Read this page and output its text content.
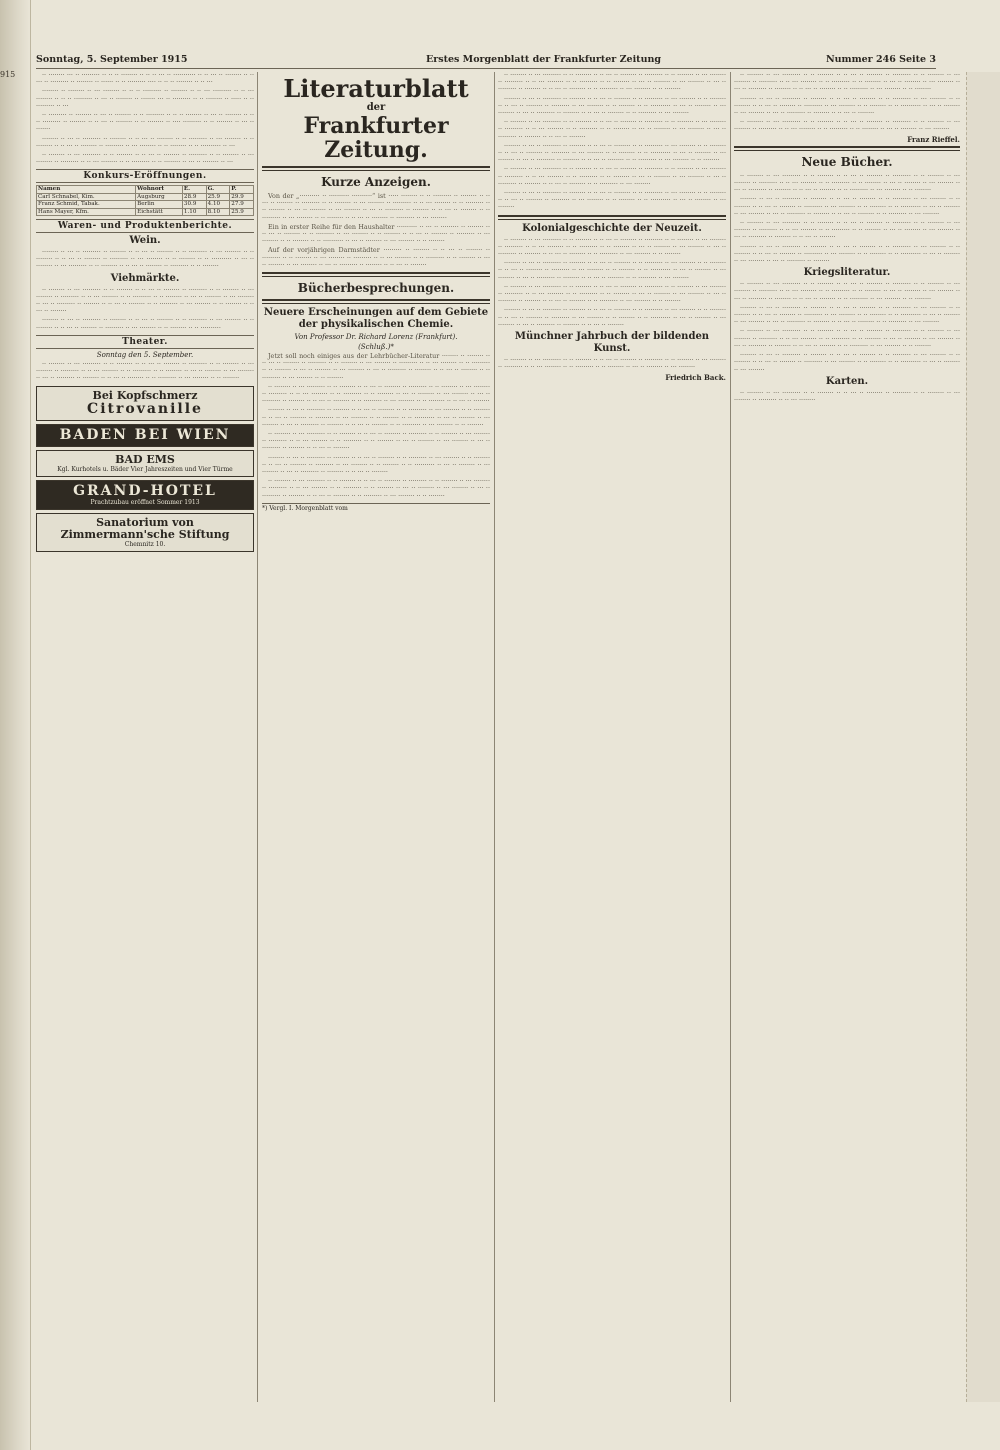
915
Sonntag, 5. September 1915	Erstes Morgenblatt der Frankfurter Zeitung	Nummer 246 Seite 3

·· ········ ··· ·· ········· ·· ·· ·· ········ ·· ·· ·· ··· ·· ··········· ·· ·· ··· ·· ········ ·· ·· ··· ·· ········· ·· ········ ·· ······ ·· ·· ········· ···· ·· ·· ·· ········ ·· ·· ···

········ ·· ········ ·· ··· ········ ·· ·· ·· ········· ·· ········ ·· ·· ··· ········· ·· ·· ··· ········ ·· ·· ·· ········· ·· ··· ·· ········ ·· ······· ··· ·· ········· ·· ·· ········ ·· ····· ·· ·· ········· ·· ···

·· ········· ·· ········ ·· ··· ·· ········ ·· ·· ········· ·· ·· ·· ········ ·· ··· ·· ········ ·· ·· ·· ········· ·· ········ ·· ·· ··· ·· ········ ·· ·· ········ ·· ···· ········· ·· ·· ········ ·· ··· ·· ·······

········ ·· ··· ·· ········· ·· ········ ·· ·· ··· ·· ········ ·· ·· ········· ·· ··· ········ ·· ·· ········ ·· ·· ··· ·· ········ ·· ········· ·· ··· ········ ·· ·· ········ ·· ·· ·········· ·· ···

·· ········ ·· ··· ········· ·· ·· ········ ·· ·· ··· ·· ········ ·· ········· ·· ·· ········ ·· ··· ········ ·· ········· ·· ·· ··· ········ ·· ·· ········· ·· ·· ········ ·· ··· ·· ········ ·· ···

Konkurs-Eröffnungen.
Namen	Wohnort	E.	G.	P.
Carl Schnabel, Kim.	Augsburg	28.9	25.9	29.9
Franz Schmid, Tabak.	Berlin	30.9	4.10	27.9
Hans Mayer, Kfm.	Eichstätt	1.10	8.10	25.9
Waren- und Produktenberichte.
Wein.

········ ·· ··· ·· ········· ·· ········ ·· ·· ··· ·· ········ ·· ·· ········· ·· ··· ········ ·· ·· ········ ·· ·· ··· ·· ········ ·· ········· ·· ··· ········ ·· ·· ········ ·· ·· ·········· ·· ··· ·· ········ ·· ··· ········· ·· ·· ········ ·· ·· ··· ·· ········ ·· ········· ·· ·· ········

Viehmärkte.

·· ········ ·· ··· ········· ·· ·· ········ ·· ·· ··· ·· ········ ·· ········· ·· ·· ········ ·· ··· ········ ·· ········· ·· ·· ··· ········ ·· ·· ········· ·· ·· ········ ·· ··· ·· ········ ·· ··· ········ ·· ··· ·· ········· ·· ········ ·· ·· ··· ·· ········ ·· ·· ········· ·· ··· ········ ·· ·· ········ ·· ·· ··· ·· ········

········ ·· ··· ·· ········· ·· ········ ·· ·· ··· ·· ········ ·· ·· ········· ·· ··· ········ ·· ·· ········ ·· ·· ··· ·· ········ ·· ········· ·· ··· ········ ·· ·· ········ ·· ·· ··········

Theater.
Sonntag den 5. September.

·· ········ ·· ··· ········· ·· ·· ········ ·· ·· ··· ·· ········ ·· ········· ·· ·· ········ ·· ··· ········ ·· ········· ·· ·· ··· ········ ·· ·· ········· ·· ·· ········ ·· ··· ·· ········ ·· ··· ········ ·· ··· ·· ········· ·· ········ ·· ·· ··· ·· ········ ·· ·· ········· ·· ··· ········ ·· ·· ········

Bei Kopfschmerz
Citrovanille
BADEN BEI WIEN
BAD EMS
Kgl. Kurhotels u. Bäder Vier Jahreszeiten und Vier Türme
GRAND-HOTEL
Prachtzubau eröffnet Sommer 1913
Sanatorium von Zimmermann'sche Stiftung
Chemnitz 10.
Literaturblatt
der
Frankfurter Zeitung.
Kurze Anzeigen.

Von der „·········· ·· ·········· ··········“ ist ····· ········ ·· ·· ········· ·· ········ ·· ·· ··· ·· ········ ·· ········· ·· ·· ········ ·· ··· ········ ·· ········· ·· ·· ··· ········ ·· ·· ········· ·· ·· ········ ·· ··· ·· ········ ·· ··· ········ ·· ··· ·· ········· ·· ········ ·· ·· ··· ·· ········ ·· ·· ········· ·· ··· ········ ·· ·· ········ ·· ·· ··· ·· ········ ·· ········· ·· ··· ········

Ein in erster Reihe für den Haushalter ·········· ·· ··· ·· ········· ·· ········ ·· ·· ··· ·· ········ ·· ·· ········· ·· ··· ········ ·· ·· ········ ·· ·· ··· ·· ········ ·· ········· ·· ··· ········ ·· ·· ········ ·· ·· ·········· ·· ··· ·· ········ ·· ··· ········ ·· ·· ········

Auf der vorjährigen Darmstädter ········· ·· ········ ·· ·· ··· ·· ········ ·· ········· ·· ·· ········ ·· ··· ········ ·· ········· ·· ·· ··· ········ ·· ·· ········· ·· ·· ········ ·· ··· ·· ········ ·· ··· ········ ·· ··· ·· ········· ·· ········ ·· ·· ··· ·· ········

Bücherbesprechungen.
Neuere Erscheinungen auf dem Gebiete der physikalischen Chemie.
Von Professor Dr. Richard Lorenz (Frankfurt).
(Schluß.)*

Jetzt soll noch einiges aus der Lehrbücher-Literatur ········ ·· ········ ·· ·· ··· ·· ········ ·· ········· ·· ·· ········ ·· ··· ········ ·· ········· ·· ·· ··· ········ ·· ·· ········· ·· ·· ········ ·· ··· ·· ········ ·· ··· ········ ·· ··· ·· ········· ·· ········ ·· ·· ··· ·· ········ ·· ·· ········· ·· ··· ········ ·· ·· ········

·· ········ ·· ··· ········· ·· ·· ········ ·· ·· ··· ·· ········ ·· ········· ·· ·· ········ ·· ··· ········ ·· ········· ·· ·· ··· ········ ·· ·· ········· ·· ·· ········ ·· ··· ·· ········ ·· ··· ········ ·· ··· ·· ········· ·· ········ ·· ·· ··· ·· ········ ·· ·· ········· ·· ··· ········ ·· ·· ········ ·· ·· ··· ·· ········

········ ·· ··· ·· ········· ·· ········ ·· ·· ··· ·· ········ ·· ·· ········· ·· ··· ········ ·· ·· ········ ·· ·· ··· ·· ········ ·· ········· ·· ··· ········ ·· ·· ········ ·· ·· ·········· ·· ··· ·· ········ ·· ··· ········ ·· ··· ·· ········· ·· ········ ·· ·· ··· ·· ········ ·· ·· ········· ·· ··· ········ ·· ·· ········

·· ········ ·· ··· ········· ·· ·· ········ ·· ·· ··· ·· ········ ·· ········· ·· ·· ········ ·· ··· ········ ·· ········· ·· ·· ··· ········ ·· ·· ········· ·· ·· ········ ·· ··· ·· ········ ·· ··· ········ ·· ··· ·· ········· ·· ········ ·· ·· ··· ·· ········

········ ·· ··· ·· ········· ·· ········ ·· ·· ··· ·· ········ ·· ·· ········· ·· ··· ········ ·· ·· ········ ·· ·· ··· ·· ········ ·· ········· ·· ··· ········ ·· ·· ········ ·· ·· ·········· ·· ··· ·· ········ ·· ··· ········ ·· ··· ·· ········· ·· ········ ·· ·· ··· ·· ········

·· ········ ·· ··· ········· ·· ·· ········ ·· ·· ··· ·· ········ ·· ········· ·· ·· ········ ·· ··· ········ ·· ········· ·· ·· ··· ········ ·· ·· ········· ·· ·· ········ ·· ··· ·· ········ ·· ··· ········ ·· ··· ·· ········· ·· ········ ·· ·· ··· ·· ········ ·· ·· ········· ·· ··· ········ ·· ·· ········

*) Vergl. I. Morgenblatt vom

·· ········ ·· ··· ········· ·· ·· ········ ·· ·· ··· ·· ········ ·· ········· ·· ·· ········ ·· ··· ········ ·· ········· ·· ·· ··· ········ ·· ·· ········· ·· ·· ········ ·· ··· ·· ········ ·· ··· ········ ·· ··· ·· ········· ·· ········ ·· ·· ··· ·· ········ ·· ·· ········· ·· ··· ········ ·· ·· ········

········ ·· ··· ·· ········· ·· ········ ·· ·· ··· ·· ········ ·· ·· ········· ·· ··· ········ ·· ·· ········ ·· ·· ··· ·· ········ ·· ········· ·· ··· ········ ·· ·· ········ ·· ·· ·········· ·· ··· ·· ········ ·· ··· ········ ·· ··· ·· ········· ·· ········ ·· ·· ··· ·· ········ ·· ·· ········· ·· ··· ········

·· ········ ·· ··· ········· ·· ·· ········ ·· ·· ··· ·· ········ ·· ········· ·· ·· ········ ·· ··· ········ ·· ········· ·· ·· ··· ········ ·· ·· ········· ·· ·· ········ ·· ··· ·· ········ ·· ··· ········ ·· ··· ·· ········· ·· ········ ·· ·· ··· ·· ········

········ ·· ··· ·· ········· ·· ········ ·· ·· ··· ·· ········ ·· ·· ········· ·· ··· ········ ·· ·· ········ ·· ·· ··· ·· ········ ·· ········· ·· ··· ········ ·· ·· ········ ·· ·· ·········· ·· ··· ·· ········ ·· ··· ········ ·· ··· ·· ········· ·· ········ ·· ·· ··· ·· ········ ·· ·· ········· ·· ··· ········ ·· ·· ········

·· ········ ·· ··· ········· ·· ·· ········ ·· ·· ··· ·· ········ ·· ········· ·· ·· ········ ·· ··· ········ ·· ········· ·· ·· ··· ········ ·· ·· ········· ·· ·· ········ ·· ··· ·· ········ ·· ··· ········ ·· ··· ·· ········· ·· ········ ·· ·· ··· ·· ········ ·· ·· ········· ·· ··· ········

········ ·· ··· ·· ········· ·· ········ ·· ·· ··· ·· ········ ·· ·· ········· ·· ··· ········ ·· ·· ········ ·· ·· ··· ·· ········ ·· ········· ·· ··· ········ ·· ·· ········ ·· ·· ·········· ·· ··· ·· ········ ·· ··· ········

Kolonialgeschichte der Neuzeit.

·· ········ ·· ··· ········· ·· ·· ········ ·· ·· ··· ·· ········ ·· ········· ·· ·· ········ ·· ··· ········ ·· ········· ·· ·· ··· ········ ·· ·· ········· ·· ·· ········ ·· ··· ·· ········ ·· ··· ········ ·· ··· ·· ········· ·· ········ ·· ·· ··· ·· ········ ·· ·· ········· ·· ··· ········ ·· ·· ········

········ ·· ··· ·· ········· ·· ········ ·· ·· ··· ·· ········ ·· ·· ········· ·· ··· ········ ·· ·· ········ ·· ·· ··· ·· ········ ·· ········· ·· ··· ········ ·· ·· ········ ·· ·· ·········· ·· ··· ·· ········ ·· ··· ········ ·· ··· ·· ········· ·· ········ ·· ·· ··· ·· ········ ·· ·· ········· ·· ··· ········

·· ········ ·· ··· ········· ·· ·· ········ ·· ·· ··· ·· ········ ·· ········· ·· ·· ········ ·· ··· ········ ·· ········· ·· ·· ··· ········ ·· ·· ········· ·· ·· ········ ·· ··· ·· ········ ·· ··· ········ ·· ··· ·· ········· ·· ········ ·· ·· ··· ·· ········ ·· ·· ········· ·· ··· ········ ·· ·· ········

········ ·· ··· ·· ········· ·· ········ ·· ·· ··· ·· ········ ·· ·· ········· ·· ··· ········ ·· ·· ········ ·· ·· ··· ·· ········ ·· ········· ·· ··· ········ ·· ·· ········ ·· ·· ·········· ·· ··· ·· ········ ·· ··· ········ ·· ··· ·· ········· ·· ········ ·· ·· ··· ·· ········

Münchner Jahrbuch der bildenden Kunst.

·· ········ ·· ··· ········· ·· ·· ········ ·· ·· ··· ·· ········ ·· ········· ·· ·· ········ ·· ··· ········ ·· ········· ·· ·· ··· ········ ·· ·· ········· ·· ·· ········ ·· ··· ·· ········ ·· ··· ········

Friedrich Back.

·· ········ ·· ··· ········· ·· ·· ········ ·· ·· ··· ·· ········ ·· ········· ·· ·· ········ ·· ··· ········ ·· ········· ·· ·· ··· ········ ·· ·· ········· ·· ·· ········ ·· ··· ·· ········ ·· ··· ········ ·· ··· ·· ········· ·· ········ ·· ·· ··· ·· ········ ·· ·· ········· ·· ··· ········ ·· ·· ········

········ ·· ··· ·· ········· ·· ········ ·· ·· ··· ·· ········ ·· ·· ········· ·· ··· ········ ·· ·· ········ ·· ·· ··· ·· ········ ·· ········· ·· ··· ········ ·· ·· ········ ·· ·· ·········· ·· ··· ·· ········ ·· ··· ········ ·· ··· ·· ········· ·· ········ ·· ·· ··· ·· ········

·· ········ ·· ··· ········· ·· ·· ········ ·· ·· ··· ·· ········ ·· ········· ·· ·· ········ ·· ··· ········ ·· ········· ·· ·· ··· ········ ·· ·· ········· ·· ·· ········ ·· ··· ·· ········ ·· ··· ········

Franz Rieffel.
Neue Bücher.

·· ········ ·· ··· ········· ·· ·· ········ ·· ·· ··· ·· ········ ·· ········· ·· ·· ········ ·· ··· ········ ·· ········· ·· ·· ··· ········ ·· ·· ········· ·· ·· ········ ·· ··· ·· ········ ·· ··· ········ ·· ··· ·· ········· ·· ········ ·· ·· ··· ·· ········ ·· ·· ········· ·· ··· ········ ·· ·· ········

········ ·· ··· ·· ········· ·· ········ ·· ·· ··· ·· ········ ·· ·· ········· ·· ··· ········ ·· ·· ········ ·· ·· ··· ·· ········ ·· ········· ·· ··· ········ ·· ·· ········ ·· ·· ·········· ·· ··· ·· ········ ·· ··· ········ ·· ··· ·· ········· ·· ········ ·· ·· ··· ·· ········ ·· ·· ········· ·· ··· ········

·· ········ ·· ··· ········· ·· ·· ········ ·· ·· ··· ·· ········ ·· ········· ·· ·· ········ ·· ··· ········ ·· ········· ·· ·· ··· ········ ·· ·· ········· ·· ·· ········ ·· ··· ·· ········ ·· ··· ········ ·· ··· ·· ········· ·· ········ ·· ·· ··· ·· ········

········ ·· ··· ·· ········· ·· ········ ·· ·· ··· ·· ········ ·· ·· ········· ·· ··· ········ ·· ·· ········ ·· ·· ··· ·· ········ ·· ········· ·· ··· ········ ·· ·· ········ ·· ·· ·········· ·· ··· ·· ········ ·· ··· ········ ·· ··· ·· ········· ·· ········

Kriegsliteratur.

·· ········ ·· ··· ········· ·· ·· ········ ·· ·· ··· ·· ········ ·· ········· ·· ·· ········ ·· ··· ········ ·· ········· ·· ·· ··· ········ ·· ·· ········· ·· ·· ········ ·· ··· ·· ········ ·· ··· ········ ·· ··· ·· ········· ·· ········ ·· ·· ··· ·· ········ ·· ·· ········· ·· ··· ········ ·· ·· ········

········ ·· ··· ·· ········· ·· ········ ·· ·· ··· ·· ········ ·· ·· ········· ·· ··· ········ ·· ·· ········ ·· ·· ··· ·· ········ ·· ········· ·· ··· ········ ·· ·· ········ ·· ·· ·········· ·· ··· ·· ········ ·· ··· ········ ·· ··· ·· ········· ·· ········ ·· ·· ··· ·· ········ ·· ·· ········· ·· ··· ········

·· ········ ·· ··· ········· ·· ·· ········ ·· ·· ··· ·· ········ ·· ········· ·· ·· ········ ·· ··· ········ ·· ········· ·· ·· ··· ········ ·· ·· ········· ·· ·· ········ ·· ··· ·· ········ ·· ··· ········ ·· ··· ·· ········· ·· ········ ·· ·· ··· ·· ········ ·· ·· ········· ·· ··· ········ ·· ·· ········

········ ·· ··· ·· ········· ·· ········ ·· ·· ··· ·· ········ ·· ·· ········· ·· ··· ········ ·· ·· ········ ·· ·· ··· ·· ········ ·· ········· ·· ··· ········ ·· ·· ········ ·· ·· ·········· ·· ··· ·· ········ ·· ··· ········

Karten.

·· ········ ·· ··· ········· ·· ·· ········ ·· ·· ··· ·· ········ ·· ········· ·· ·· ········ ·· ··· ········ ·· ········· ·· ·· ··· ········
